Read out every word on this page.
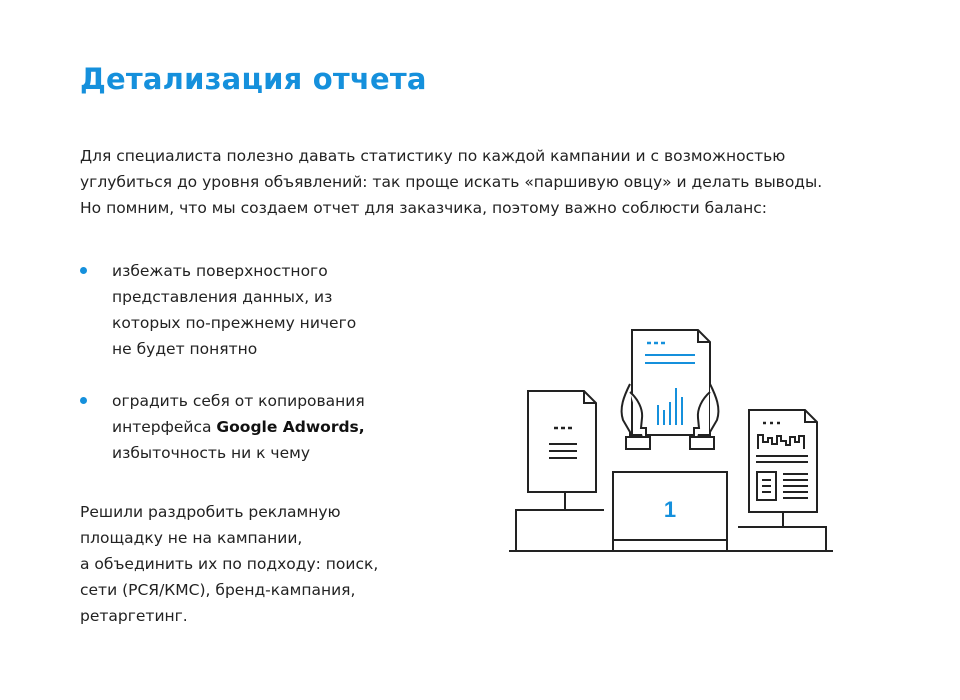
Детализация отчета
Для специалиста полезно давать статистику по каждой кампании и с возможностью
углубиться до уровня объявлений: так проще искать «паршивую овцу» и делать выводы.
Но помним, что мы создаем отчет для заказчика, поэтому важно соблюсти баланс:
избежать поверхностного
представления данных, из
которых по-прежнему ничего
не будет понятно
оградить себя от копирования
интерфейса Google Adwords,
избыточность ни к чему
Решили раздробить рекламную
площадку не на кампании,
а объединить их по подходу: поиск,
сети (РСЯ/КМС), бренд-кампания,
ретаргетинг.
1
